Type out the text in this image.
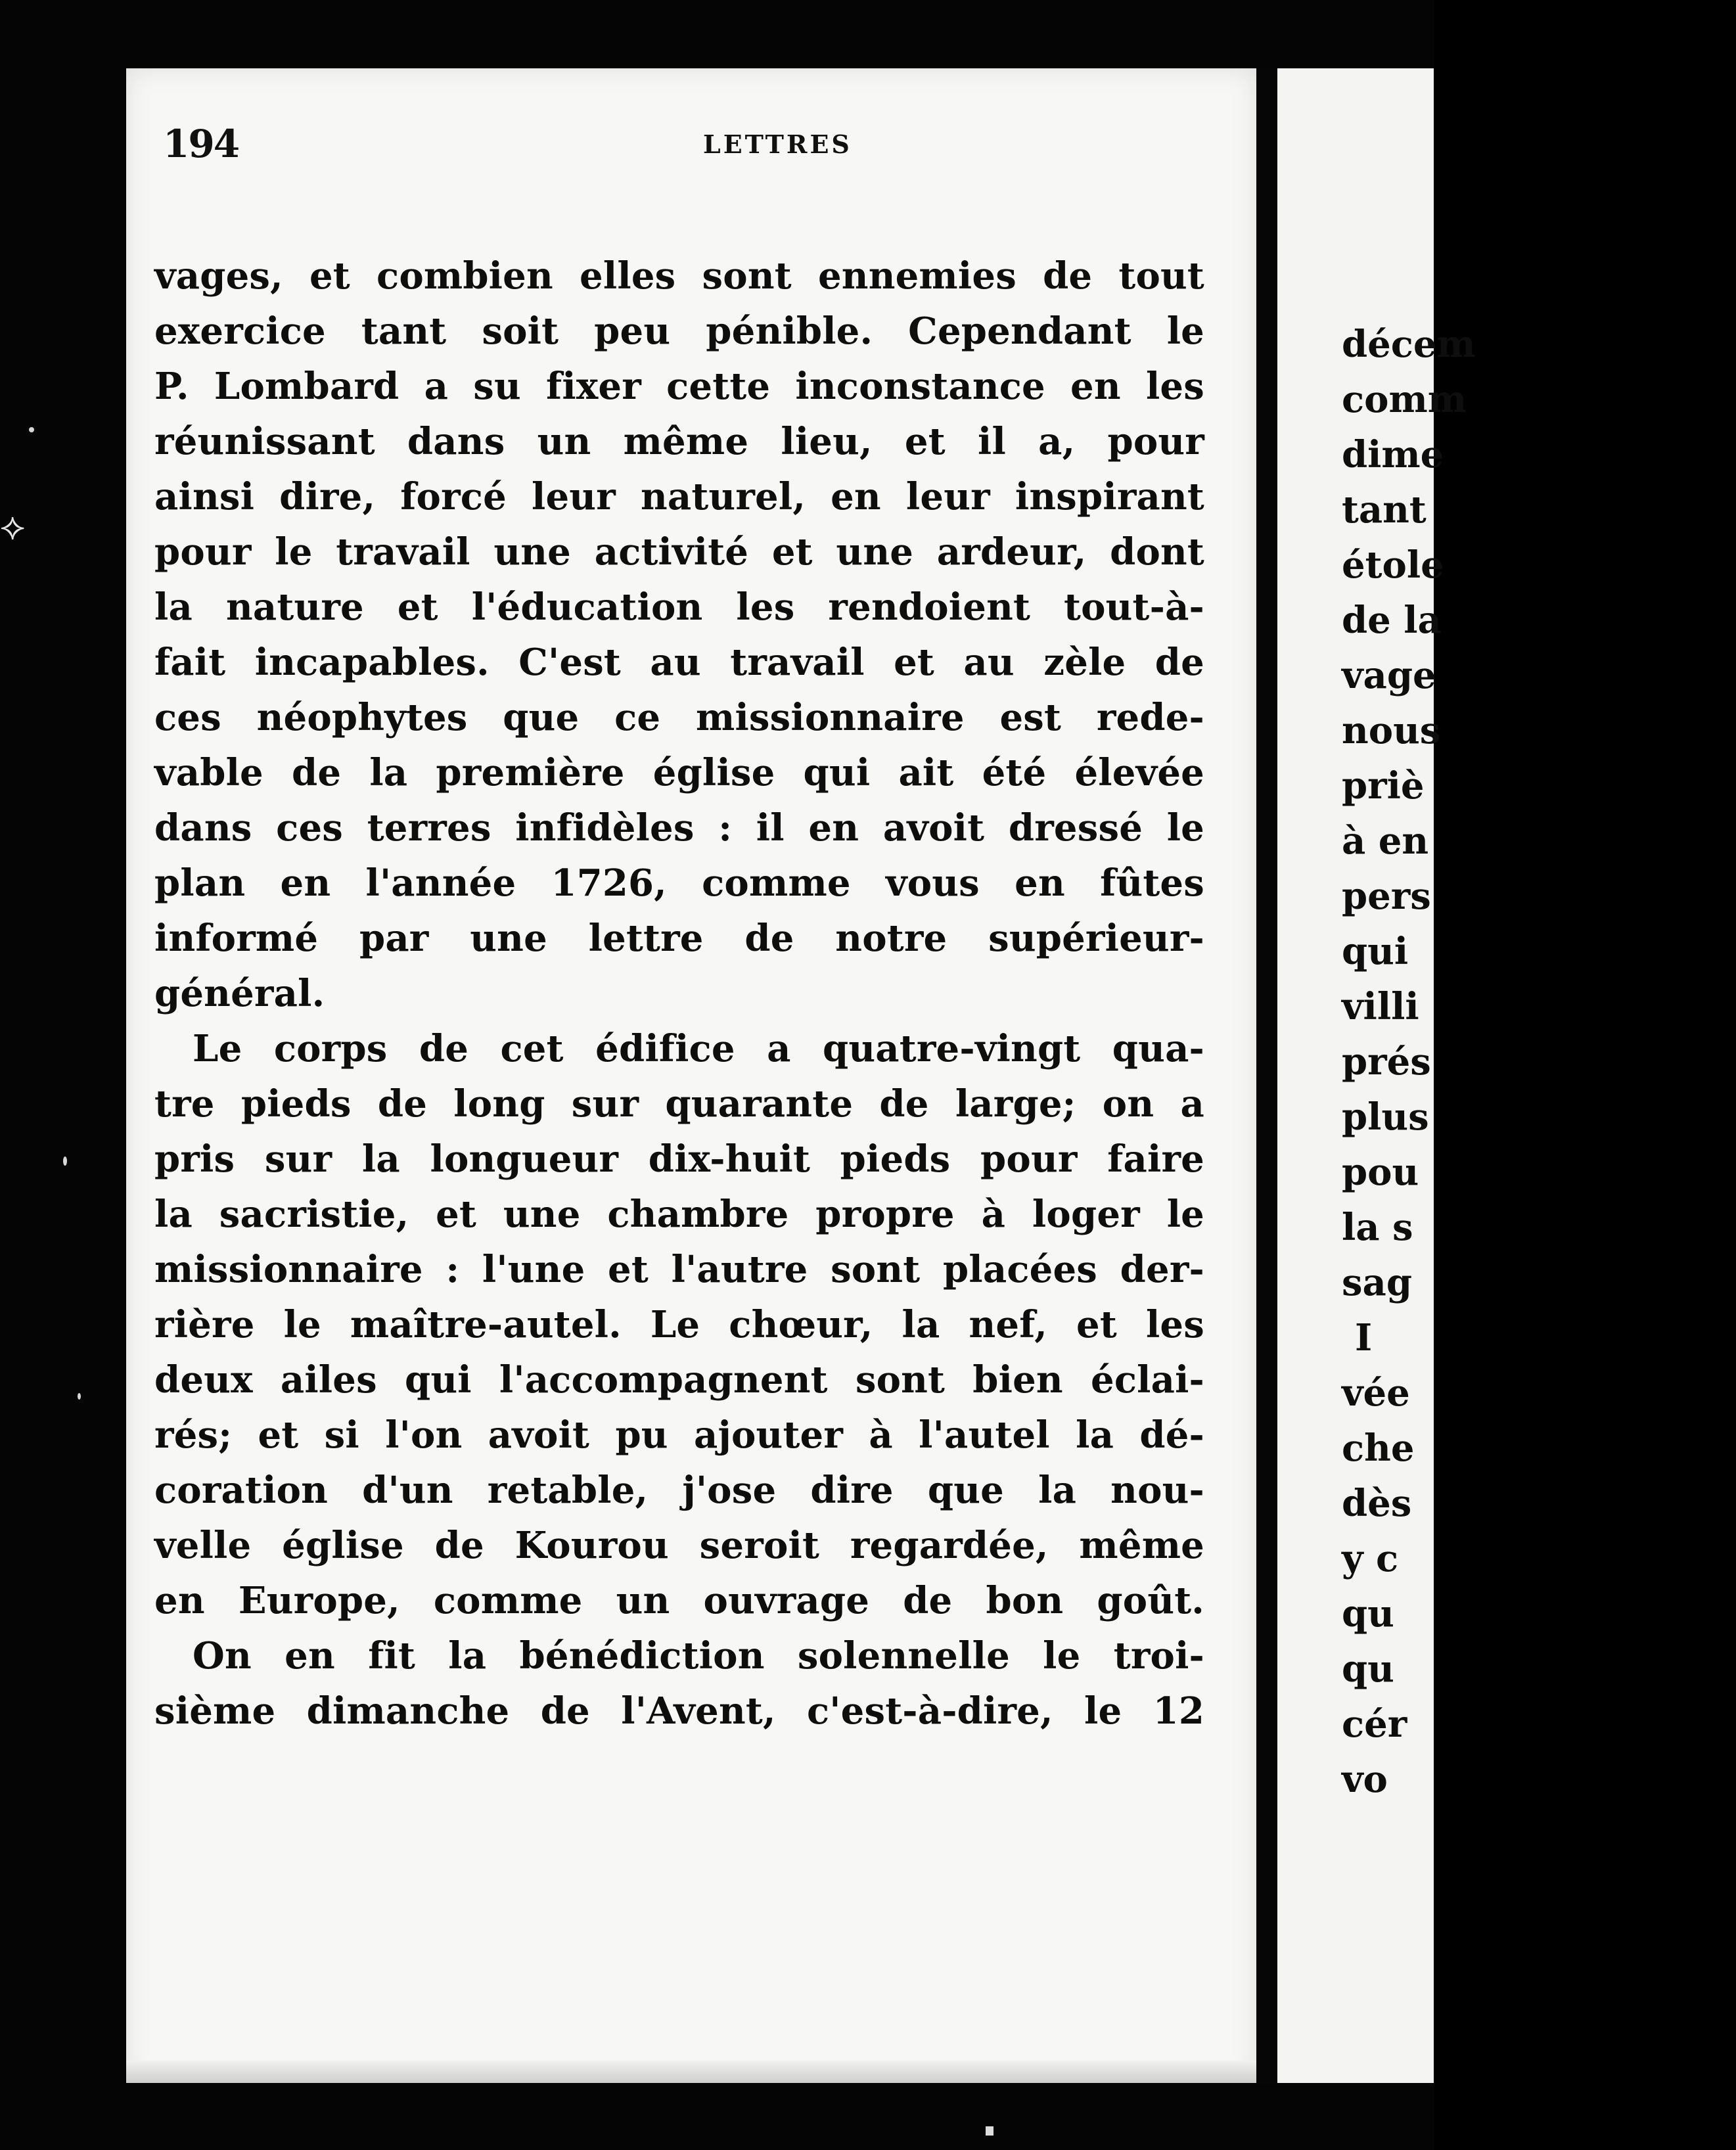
⟡
194	LETTRES
vages, et combien elles sont ennemies de tout
exercice tant soit peu pénible. Cependant le
P. Lombard a su fixer cette inconstance en les
réunissant dans un même lieu, et il a, pour
ainsi dire, forcé leur naturel, en leur inspirant
pour le travail une activité et une ardeur, dont
la nature et l'éducation les rendoient tout-à-
fait incapables. C'est au travail et au zèle de
ces néophytes que ce missionnaire est rede-
vable de la première église qui ait été élevée
dans ces terres infidèles : il en avoit dressé le
plan en l'année 1726, comme vous en fûtes
informé par une lettre de notre supérieur-
général.
Le corps de cet édifice a quatre-vingt qua-
tre pieds de long sur quarante de large; on a
pris sur la longueur dix-huit pieds pour faire
la sacristie, et une chambre propre à loger le
missionnaire : l'une et l'autre sont placées der-
rière le maître-autel. Le chœur, la nef, et les
deux ailes qui l'accompagnent sont bien éclai-
rés; et si l'on avoit pu ajouter à l'autel la dé-
coration d'un retable, j'ose dire que la nou-
velle église de Kourou seroit regardée, même
en Europe, comme un ouvrage de bon goût.
On en fit la bénédiction solennelle le troi-
sième dimanche de l'Avent, c'est-à-dire, le 12
décem
comm
dime
tant
étole
de la
vage
nous
priè
à en
pers
qui
villi
prés
plus
pou
la s
sag
I
vée
che
dès
y c
qu
qu
cér
vo
